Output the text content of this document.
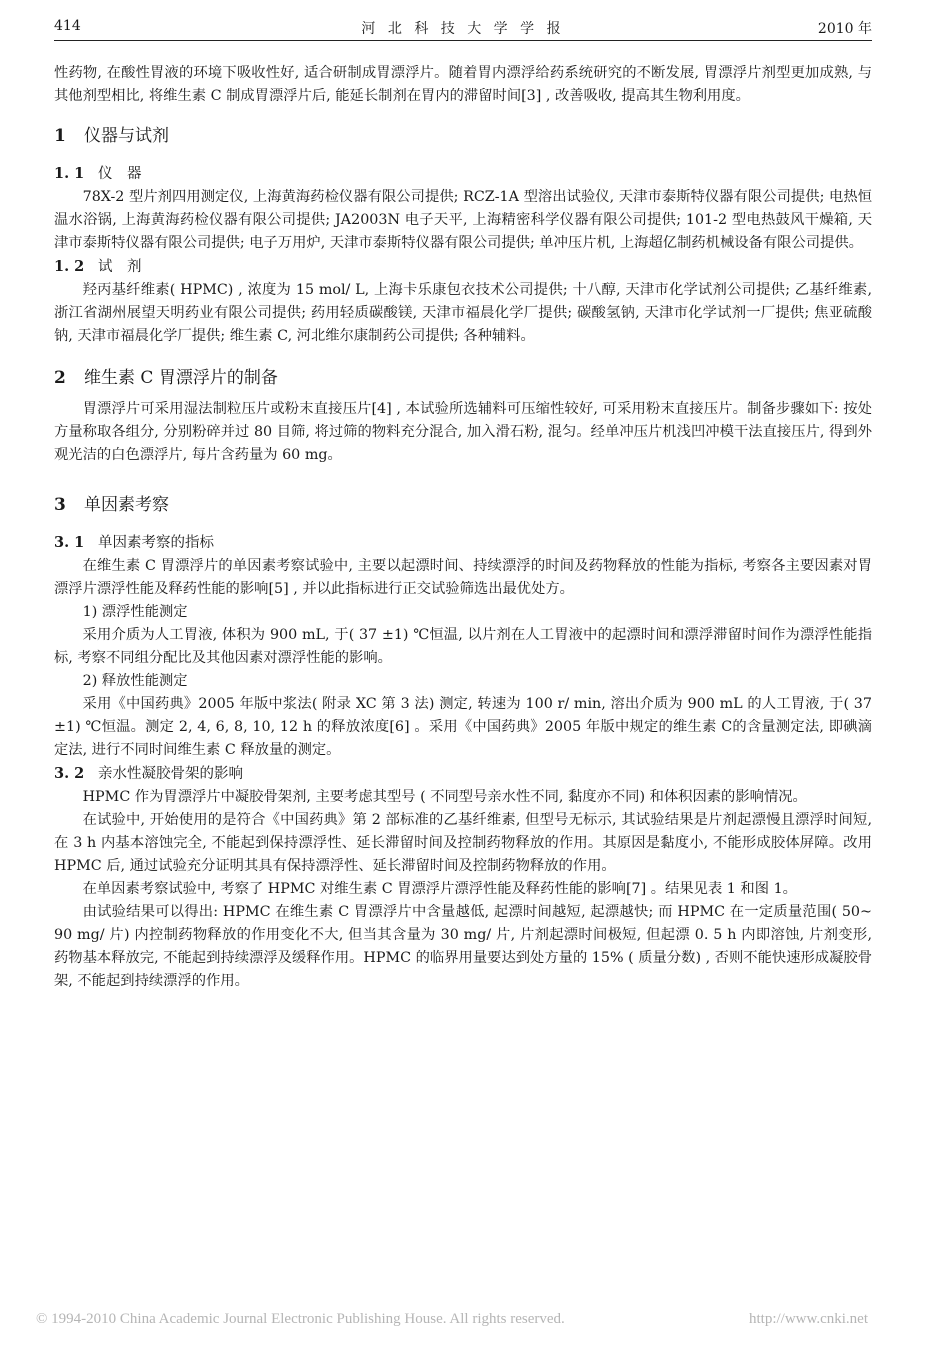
414	河 北 科 技 大 学 学 报	2010 年

性药物, 在酸性胃液的环境下吸收性好, 适合研制成胃漂浮片。随着胃内漂浮给药系统研究的不断发展, 胃漂浮片剂型更加成熟, 与其他剂型相比, 将维生素 C 制成胃漂浮片后, 能延长制剂在胃内的滞留时间[3] , 改善吸收, 提高其生物利用度。

1 仪器与试剂
1. 1 仪　器

78X-2 型片剂四用测定仪, 上海黄海药检仪器有限公司提供; RCZ-1A 型溶出试验仪, 天津市泰斯特仪器有限公司提供; 电热恒温水浴锅, 上海黄海药检仪器有限公司提供; JA2003N 电子天平, 上海精密科学仪器有限公司提供; 101-2 型电热鼓风干燥箱, 天津市泰斯特仪器有限公司提供; 电子万用炉, 天津市泰斯特仪器有限公司提供; 单冲压片机, 上海超亿制药机械设备有限公司提供。

1. 2 试　剂

羟丙基纤维素( HPMC) , 浓度为 15 mol/ L, 上海卡乐康包衣技术公司提供; 十八醇, 天津市化学试剂公司提供; 乙基纤维素, 浙江省湖州展望天明药业有限公司提供; 药用轻质碳酸镁, 天津市福晨化学厂提供; 碳酸氢钠, 天津市化学试剂一厂提供; 焦亚硫酸钠, 天津市福晨化学厂提供; 维生素 C, 河北维尔康制药公司提供; 各种辅料。

2 维生素 C 胃漂浮片的制备

胃漂浮片可采用湿法制粒压片或粉末直接压片[4] , 本试验所选辅料可压缩性较好, 可采用粉末直接压片。制备步骤如下: 按处方量称取各组分, 分别粉碎并过 80 目筛, 将过筛的物料充分混合, 加入滑石粉, 混匀。经单冲压片机浅凹冲模干法直接压片, 得到外观光洁的白色漂浮片, 每片含药量为 60 mg。

3 单因素考察
3. 1 单因素考察的指标

在维生素 C 胃漂浮片的单因素考察试验中, 主要以起漂时间、持续漂浮的时间及药物释放的性能为指标, 考察各主要因素对胃漂浮片漂浮性能及释药性能的影响[5] , 并以此指标进行正交试验筛选出最优处方。

1) 漂浮性能测定

采用介质为人工胃液, 体积为 900 mL, 于( 37 ±1) ℃恒温, 以片剂在人工胃液中的起漂时间和漂浮滞留时间作为漂浮性能指标, 考察不同组分配比及其他因素对漂浮性能的影响。

2) 释放性能测定

采用《中国药典》2005 年版中浆法( 附录 XC 第 3 法) 测定, 转速为 100 r/ min, 溶出介质为 900 mL 的人工胃液, 于( 37 ±1) ℃恒温。测定 2, 4, 6, 8, 10, 12 h 的释放浓度[6] 。采用《中国药典》2005 年版中规定的维生素 C的含量测定法, 即碘滴定法, 进行不同时间维生素 C 释放量的测定。

3. 2 亲水性凝胶骨架的影响

HPMC 作为胃漂浮片中凝胶骨架剂, 主要考虑其型号 ( 不同型号亲水性不同, 黏度亦不同) 和体积因素的影响情况。

在试验中, 开始使用的是符合《中国药典》第 2 部标准的乙基纤维素, 但型号无标示, 其试验结果是片剂起漂慢且漂浮时间短, 在 3 h 内基本溶蚀完全, 不能起到保持漂浮性、延长滞留时间及控制药物释放的作用。其原因是黏度小, 不能形成胶体屏障。改用 HPMC 后, 通过试验充分证明其具有保持漂浮性、延长滞留时间及控制药物释放的作用。

在单因素考察试验中, 考察了 HPMC 对维生素 C 胃漂浮片漂浮性能及释药性能的影响[7] 。结果见表 1 和图 1。

由试验结果可以得出: HPMC 在维生素 C 胃漂浮片中含量越低, 起漂时间越短, 起漂越快; 而 HPMC 在一定质量范围( 50~ 90 mg/ 片) 内控制药物释放的作用变化不大, 但当其含量为 30 mg/ 片, 片剂起漂时间极短, 但起漂 0. 5 h 内即溶蚀, 片剂变形, 药物基本释放完, 不能起到持续漂浮及缓释作用。HPMC 的临界用量要达到处方量的 15% ( 质量分数) , 否则不能快速形成凝胶骨架, 不能起到持续漂浮的作用。

© 1994-2010 China Academic Journal Electronic Publishing House. All rights reserved.	http://www.cnki.net
